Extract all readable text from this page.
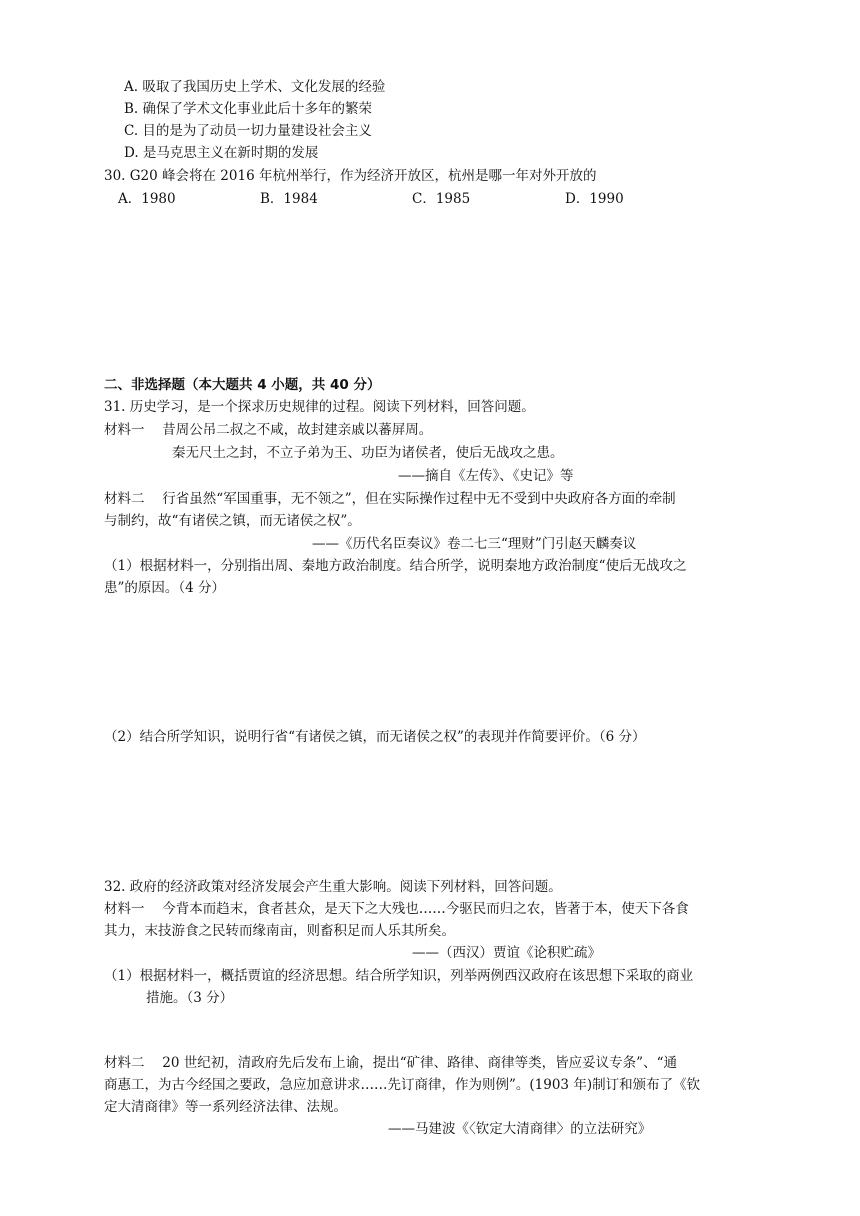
A. 吸取了我国历史上学术、文化发展的经验
B. 确保了学术文化事业此后十多年的繁荣
C. 目的是为了动员一切力量建设社会主义
D. 是马克思主义在新时期的发展
30. G20 峰会将在 2016 年杭州举行，作为经济开放区，杭州是哪一年对外开放的
A．1980	B．1984	C．1985	D．1990
二、非选择题（本大题共 4 小题，共 40 分）
31. 历史学习，是一个探求历史规律的过程。阅读下列材料，回答问题。
材料一　 昔周公吊二叔之不咸，故封建亲戚以蕃屏周。
秦无尺土之封，不立子弟为王、功臣为诸侯者，使后无战攻之患。
——摘自《左传》、《史记》等
材料二　 行省虽然“军国重事，无不领之”，但在实际操作过程中无不受到中央政府各方面的牵制
与制约，故“有诸侯之镇，而无诸侯之权”。
——《历代名臣奏议》卷二七三“理财”门引赵天麟奏议
（1）根据材料一，分别指出周、秦地方政治制度。结合所学，说明秦地方政治制度“使后无战攻之
患”的原因。（4 分）
（2）结合所学知识，说明行省“有诸侯之镇，而无诸侯之权”的表现并作简要评价。（6 分）
32. 政府的经济政策对经济发展会产生重大影响。阅读下列材料，回答问题。
材料一　 今背本而趋末，食者甚众，是天下之大残也……今驱民而归之农，皆著于本，使天下各食
其力，末技游食之民转而缘南亩，则畜积足而人乐其所矣。
——（西汉）贾谊《论积贮疏》
（1）根据材料一，概括贾谊的经济思想。结合所学知识，列举两例西汉政府在该思想下采取的商业
措施。（3 分）
材料二　 20 世纪初，清政府先后发布上谕，提出“矿律、路律、商律等类，皆应妥议专条”、“通
商惠工，为古今经国之要政，急应加意讲求……先订商律，作为则例”。(1903 年)制订和颁布了《钦
定大清商律》等一系列经济法律、法规。
——马建波《〈钦定大清商律〉的立法研究》
